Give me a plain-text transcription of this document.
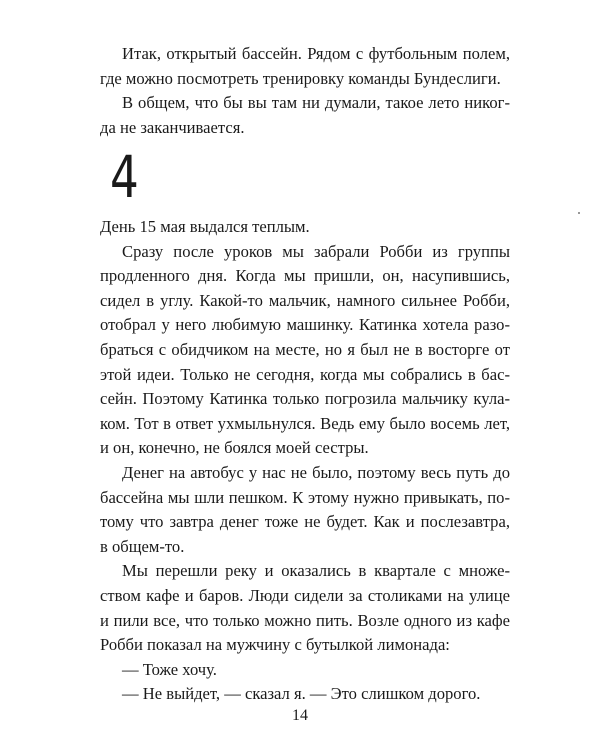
Итак, открытый бассейн. Рядом с футбольным полем,
где можно посмотреть тренировку команды Бундеслиги.
В общем, что бы вы там ни думали, такое лето никог-
да не заканчивается.
4
День 15 мая выдался теплым.
Сразу после уроков мы забрали Робби из группы
продленного дня. Когда мы пришли, он, насупившись,
сидел в углу. Какой-то мальчик, намного сильнее Робби,
отобрал у него любимую машинку. Катинка хотела разо-
браться с обидчиком на месте, но я был не в восторге от
этой идеи. Только не сегодня, когда мы собрались в бас-
сейн. Поэтому Катинка только погрозила мальчику кула-
ком. Тот в ответ ухмыльнулся. Ведь ему было восемь лет,
и он, конечно, не боялся моей сестры.
Денег на автобус у нас не было, поэтому весь путь до
бассейна мы шли пешком. К этому нужно привыкать, по-
тому что завтра денег тоже не будет. Как и послезавтра,
в общем-то.
Мы перешли реку и оказались в квартале с множе-
ством кафе и баров. Люди сидели за столиками на улице
и пили все, что только можно пить. Возле одного из кафе
Робби показал на мужчину с бутылкой лимонада:
— Тоже хочу.
— Не выйдет, — сказал я. — Это слишком дорого.
14
